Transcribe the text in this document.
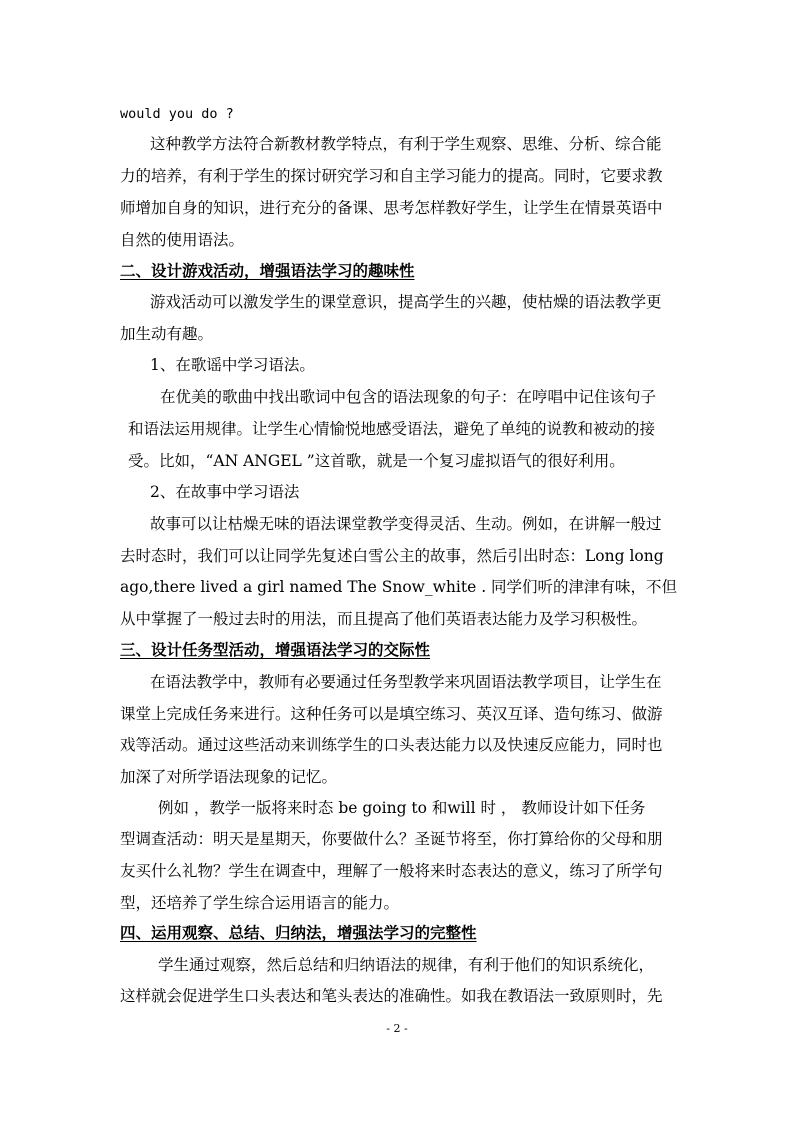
would you do ?
这种教学方法符合新教材教学特点，有利于学生观察、思维、分析、综合能
力的培养，有利于学生的探讨研究学习和自主学习能力的提高。同时，它要求教
师增加自身的知识，进行充分的备课、思考怎样教好学生，让学生在情景英语中
自然的使用语法。
二、设计游戏活动，增强语法学习的趣味性
游戏活动可以激发学生的课堂意识，提高学生的兴趣，使枯燥的语法教学更
加生动有趣。
1、在歌谣中学习语法。
在优美的歌曲中找出歌词中包含的语法现象的句子：在哼唱中记住该句子
和语法运用规律。让学生心情愉悦地感受语法，避免了单纯的说教和被动的接
受。比如，“AN ANGEL ”这首歌，就是一个复习虚拟语气的很好利用。
2、在故事中学习语法
故事可以让枯燥无味的语法课堂教学变得灵活、生动。例如，在讲解一般过
去时态时，我们可以让同学先复述白雪公主的故事，然后引出时态：Long long
ago,there lived a girl named The Snow_white . 同学们听的津津有味，不但
从中掌握了一般过去时的用法，而且提高了他们英语表达能力及学习积极性。
三、设计任务型活动，增强语法学习的交际性
在语法教学中，教师有必要通过任务型教学来巩固语法教学项目，让学生在
课堂上完成任务来进行。这种任务可以是填空练习、英汉互译、造句练习、做游
戏等活动。通过这些活动来训练学生的口头表达能力以及快速反应能力，同时也
加深了对所学语法现象的记忆。
例如 ，教学一版将来时态 be going to 和will 时 ， 教师设计如下任务
型调查活动：明天是星期天，你要做什么？圣诞节将至，你打算给你的父母和朋
友买什么礼物？学生在调查中，理解了一般将来时态表达的意义，练习了所学句
型，还培养了学生综合运用语言的能力。
四、运用观察、总结、归纳法，增强法学习的完整性
学生通过观察，然后总结和归纳语法的规律，有利于他们的知识系统化，
这样就会促进学生口头表达和笔头表达的准确性。如我在教语法一致原则时，先
- 2 -
